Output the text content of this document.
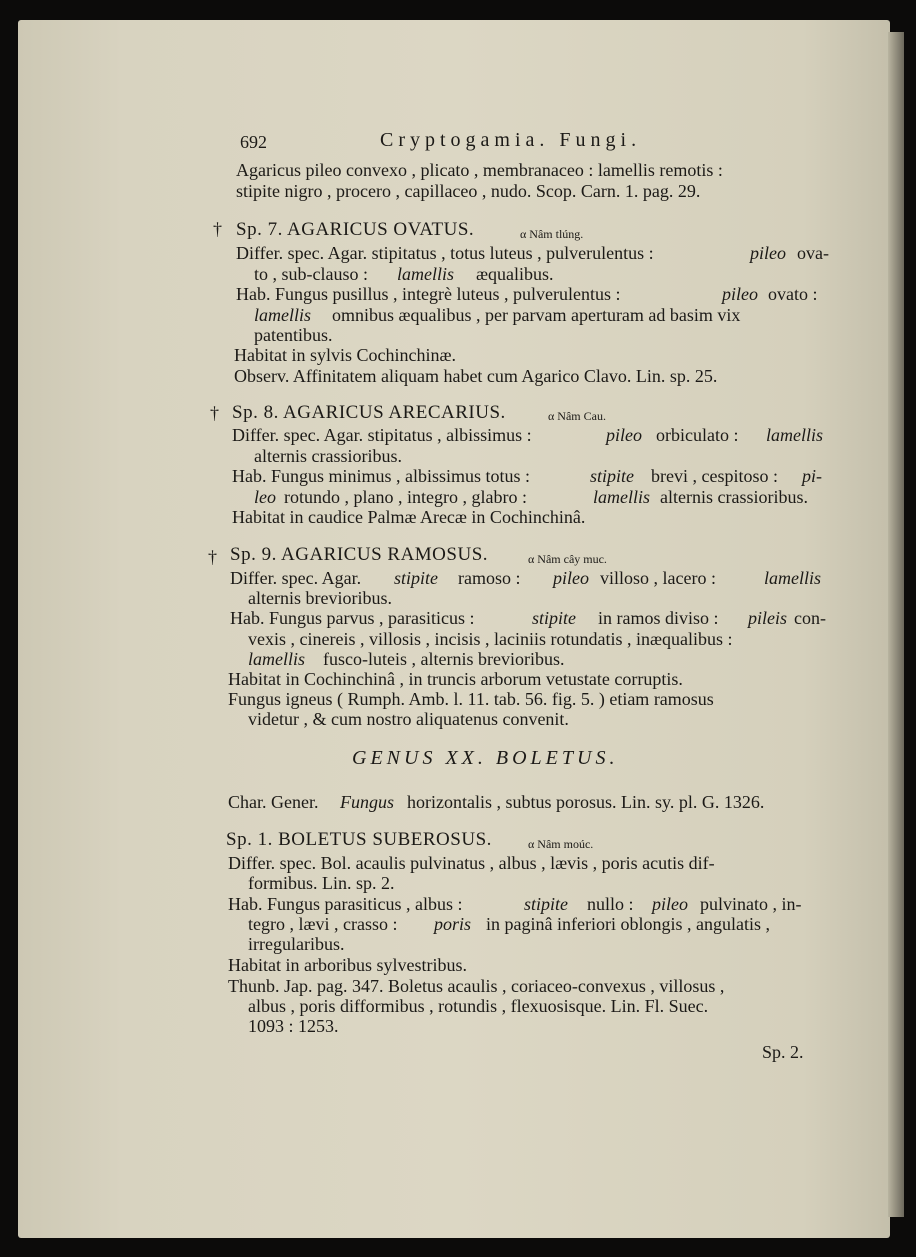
692	Cryptogamia. Fungi.
Agaricus pileo convexo , plicato , membranaceo : lamellis remotis :
stipite nigro , procero , capillaceo , nudo. Scop. Carn. 1. pag. 29.
† Sp. 7. AGARICUS OVATUS.	α Nâm tlúng.
Differ. spec. Agar. stipitatus , totus luteus , pulverulentus :	pileo ova-
to , sub-clauso : lamellis æqualibus.
Hab. Fungus pusillus , integrè luteus , pulverulentus :	pileo ovato :
lamellis omnibus æqualibus , per parvam aperturam ad basim vix
patentibus.
Habitat in sylvis Cochinchinæ.
Observ. Affinitatem aliquam habet cum Agarico Clavo. Lin. sp. 25.
† Sp. 8. AGARICUS ARECARIUS.	α Nâm Cau.
Differ. spec. Agar. stipitatus , albissimus :	pileo orbiculato : lamellis
alternis crassioribus.
Hab. Fungus minimus , albissimus totus :	stipite brevi , cespitoso : pi-
leo rotundo , plano , integro , glabro :	lamellis alternis crassioribus.
Habitat in caudice Palmæ Arecæ in Cochinchinâ.
† Sp. 9. AGARICUS RAMOSUS.	α Nâm cây muc.
Differ. spec. Agar. stipite ramoso : pileo villoso , lacero :	lamellis
alternis brevioribus.
Hab. Fungus parvus , parasiticus :	stipite in ramos diviso : pileis con-
vexis , cinereis , villosis , incisis , laciniis rotundatis , inæqualibus :
lamellis fusco-luteis , alternis brevioribus.
Habitat in Cochinchinâ , in truncis arborum vetustate corruptis.
Fungus igneus ( Rumph. Amb. l. 11. tab. 56. fig. 5. ) etiam ramosus
videtur , & cum nostro aliquatenus convenit.
GENUS XX. BOLETUS.
Char. Gener. Fungus horizontalis , subtus porosus. Lin. sy. pl. G. 1326.
Sp. 1. BOLETUS SUBEROSUS.	α Nâm moúc.
Differ. spec. Bol. acaulis pulvinatus , albus , lævis , poris acutis dif-
formibus. Lin. sp. 2.
Hab. Fungus parasiticus , albus :	stipite nullo : pileo pulvinato , in-
tegro , lævi , crasso : poris in paginâ inferiori oblongis , angulatis ,
irregularibus.
Habitat in arboribus sylvestribus.
Thunb. Jap. pag. 347. Boletus acaulis , coriaceo-convexus , villosus ,
albus , poris difformibus , rotundis , flexuosisque. Lin. Fl. Suec.
1093 : 1253.
Sp. 2.
